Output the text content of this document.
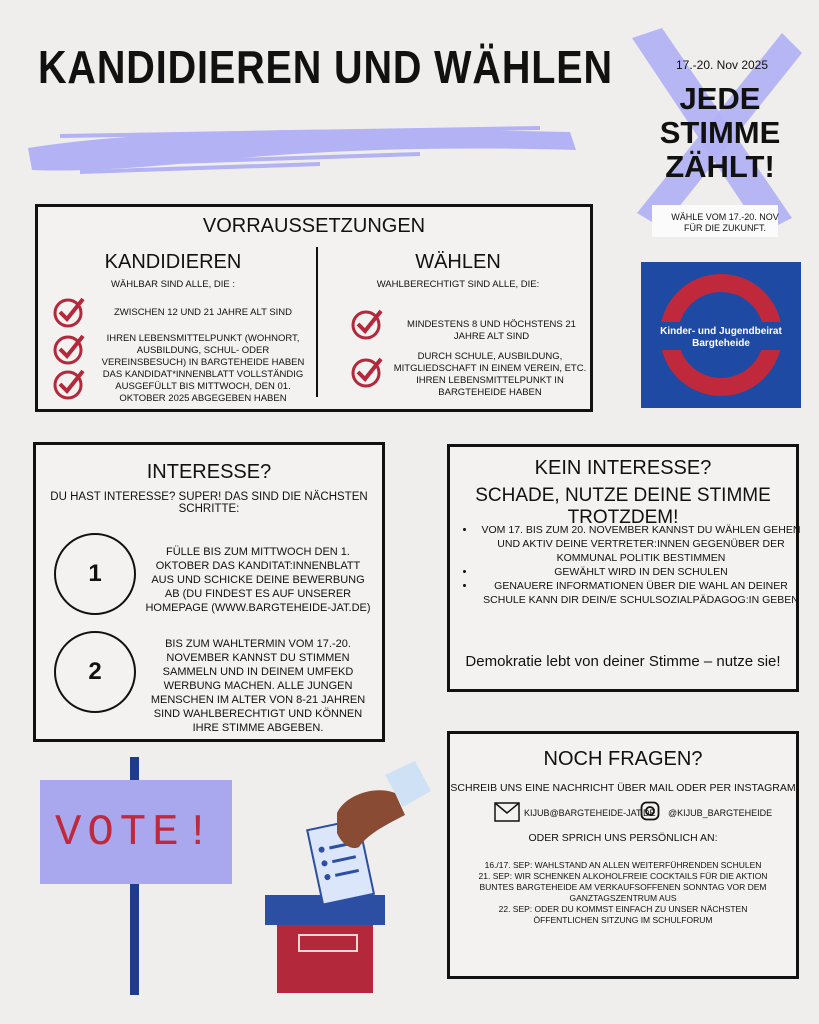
KANDIDIEREN UND WÄHLEN	17.-20. Nov 2025
JEDE
STIMME
ZÄHLT!
WÄHLE VOM 17.-20. NOV
FÜR DIE ZUKUNFT.
Kinder- und Jugendbeirat
Bargteheide
VORRAUSSETZUNGEN
KANDIDIEREN
WÄHLBAR SIND ALLE, DIE :
ZWISCHEN 12 UND 21 JAHRE ALT SIND
IHREN LEBENSMITTELPUNKT (WOHNORT, AUSBILDUNG, SCHUL- ODER VEREINSBESUCH) IN BARGTEHEIDE HABEN
DAS KANDIDAT*INNENBLATT VOLLSTÄNDIG AUSGEFÜLLT BIS MITTWOCH, DEN 01. OKTOBER 2025 ABGEGEBEN HABEN
WÄHLEN
WAHLBERECHTIGT SIND ALLE, DIE:
MINDESTENS 8 UND HÖCHSTENS 21 JAHRE ALT SIND
DURCH SCHULE, AUSBILDUNG, MITGLIEDSCHAFT IN EINEM VEREIN, ETC. IHREN LEBENSMITTELPUNKT IN BARGTEHEIDE HABEN
INTERESSE?
DU HAST INTERESSE? SUPER! DAS SIND DIE NÄCHSTEN SCHRITTE:
1
FÜLLE BIS ZUM MITTWOCH DEN 1. OKTOBER DAS KANDITAT:INNENBLATT AUS UND SCHICKE DEINE BEWERBUNG AB (DU FINDEST ES AUF UNSERER HOMEPAGE (WWW.BARGTEHEIDE-JAT.DE)
2
BIS ZUM WAHLTERMIN VOM 17.-20. NOVEMBER KANNST DU STIMMEN SAMMELN UND IN DEINEM UMFEKD WERBUNG MACHEN. ALLE JUNGEN MENSCHEN IM ALTER VON 8-21 JAHREN SIND WAHLBERECHTIGT UND KÖNNEN IHRE STIMME ABGEBEN.
KEIN INTERESSE?
SCHADE, NUTZE DEINE STIMME TROTZDEM!
• VOM 17. BIS ZUM 20. NOVEMBER KANNST DU WÄHLEN GEHEN UND AKTIV DEINE VERTRETER:INNEN GEGENÜBER DER KOMMUNAL POLITIK BESTIMMEN
• GEWÄHLT WIRD IN DEN SCHULEN
• GENAUERE INFORMATIONEN ÜBER DIE WAHL AN DEINER SCHULE KANN DIR DEIN/E SCHULSOZIALPÄDAGOG:IN GEBEN
Demokratie lebt von deiner Stimme – nutze sie!
NOCH FRAGEN?
SCHREIB UNS EINE NACHRICHT ÜBER MAIL ODER PER INSTAGRAM
KIJUB@BARGTEHEIDE-JAT.DE @KIJUB_BARGTEHEIDE
ODER SPRICH UNS PERSÖNLICH AN:
16./17. SEP: WAHLSTAND AN ALLEN WEITERFÜHRENDEN SCHULEN
21. SEP: WIR SCHENKEN ALKOHOLFREIE COCKTAILS FÜR DIE AKTION BUNTES BARGTEHEIDE AM VERKAUFSOFFENEN SONNTAG VOR DEM GANZTAGSZENTRUM AUS
22. SEP: ODER DU KOMMST EINFACH ZU UNSER NÄCHSTEN ÖFFENTLICHEN SITZUNG IM SCHULFORUM
VOTE!
